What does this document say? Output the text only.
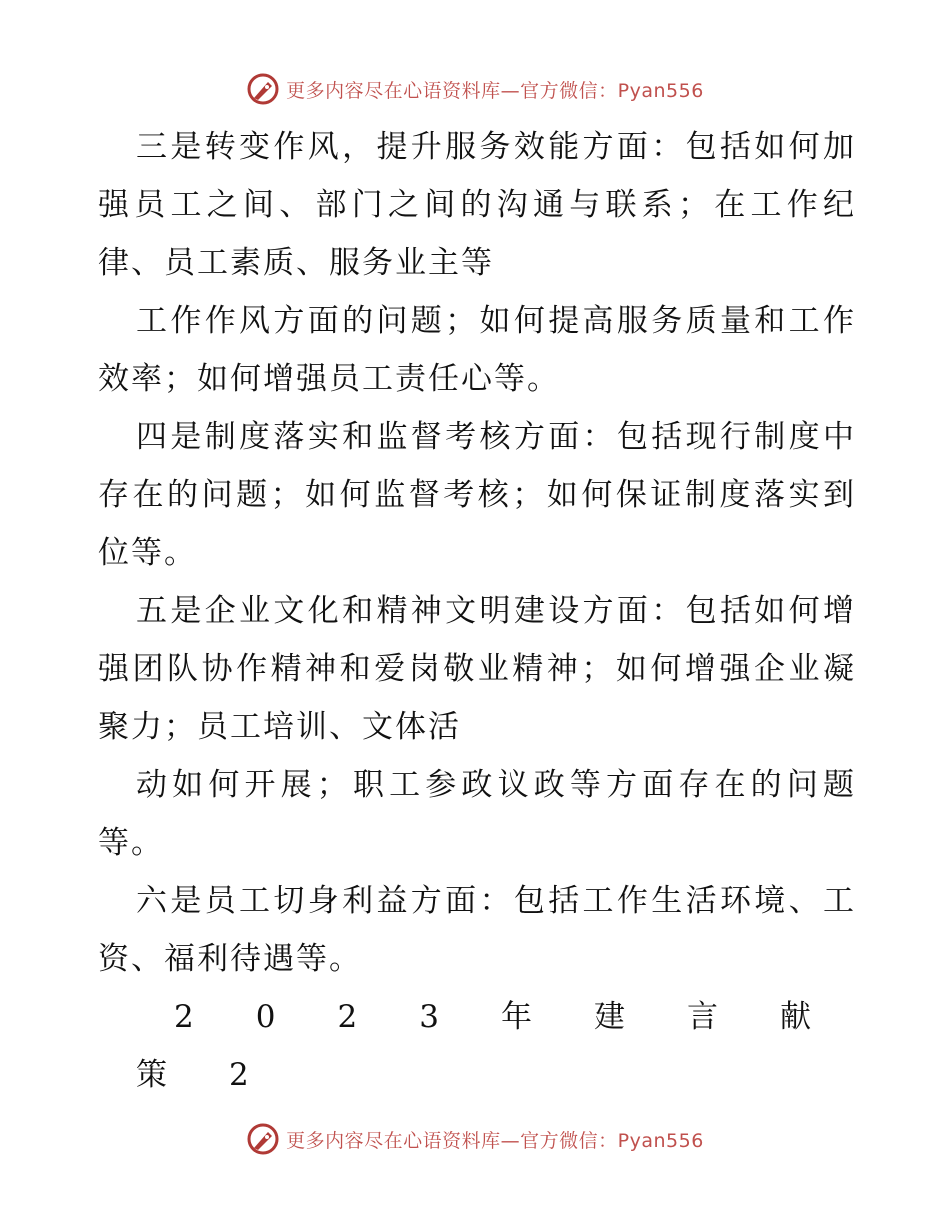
更多内容尽在心语资料库—官方微信：Pyan556

三是转变作风，提升服务效能方面：包括如何加强员工之间、部门之间的沟通与联系；在工作纪律、员工素质、服务业主等

工作作风方面的问题；如何提高服务质量和工作效率；如何增强员工责任心等。

四是制度落实和监督考核方面：包括现行制度中存在的问题；如何监督考核；如何保证制度落实到位等。

五是企业文化和精神文明建设方面：包括如何增强团队协作精神和爱岗敬业精神；如何增强企业凝聚力；员工培训、文体活

动如何开展；职工参政议政等方面存在的问题等。

六是员工切身利益方面：包括工作生活环境、工资、福利待遇等。

2 0 2 3 年 建 言 献策 2

更多内容尽在心语资料库—官方微信：Pyan556
